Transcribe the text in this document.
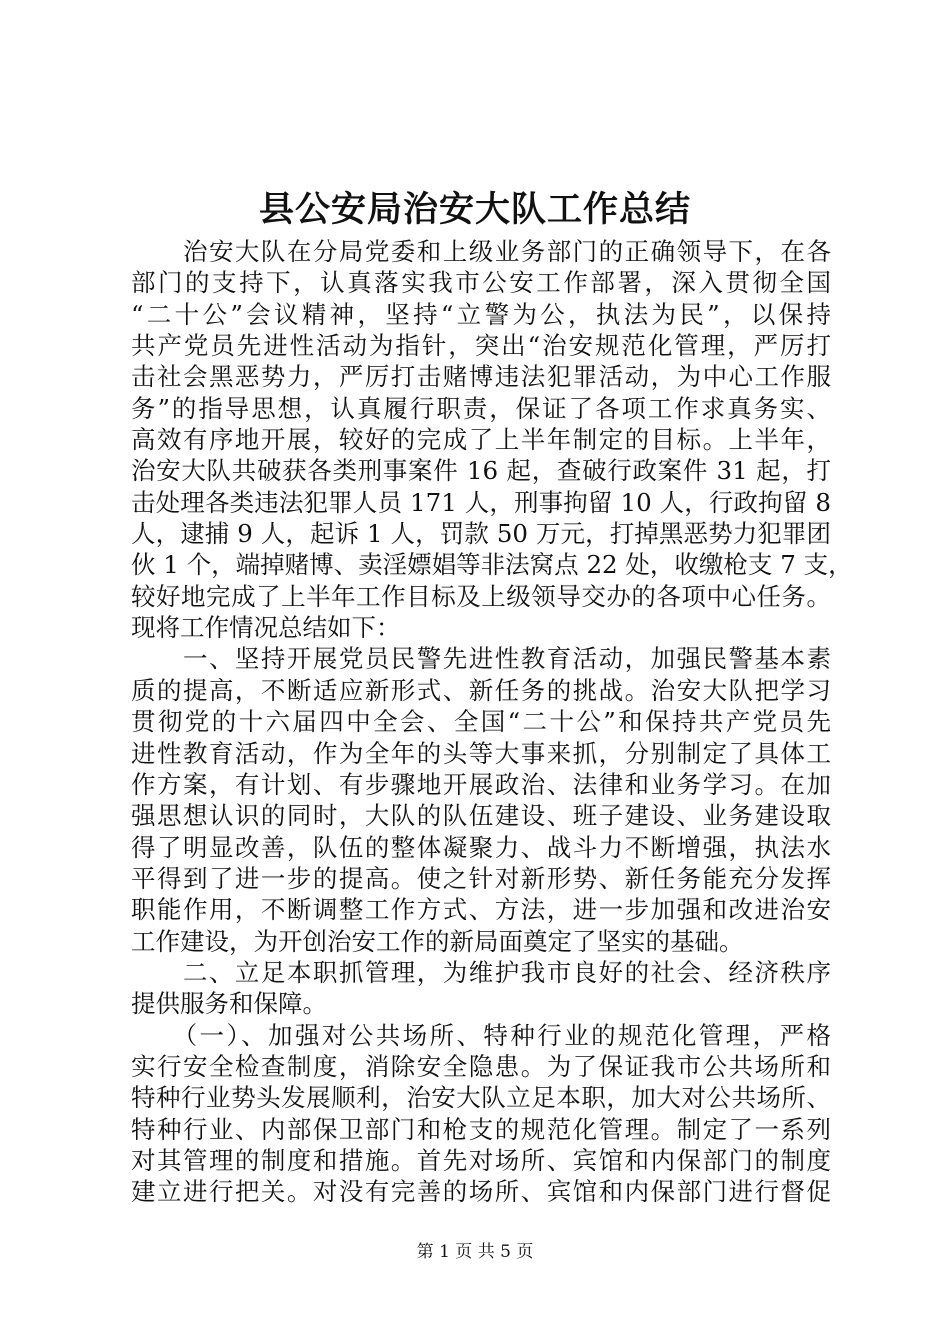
县公安局治安大队工作总结
　　治安大队在分局党委和上级业务部门的正确领导下，在各
部门的支持下，认真落实我市公安工作部署，深入贯彻全国
“二十公”会议精神，坚持“立警为公，执法为民”，以保持
共产党员先进性活动为指针，突出“治安规范化管理，严厉打
击社会黑恶势力，严厉打击赌博违法犯罪活动，为中心工作服
务”的指导思想，认真履行职责，保证了各项工作求真务实、
高效有序地开展，较好的完成了上半年制定的目标。上半年，
治安大队共破获各类刑事案件 16 起，查破行政案件 31 起，打
击处理各类违法犯罪人员 171 人，刑事拘留 10 人，行政拘留 8
人，逮捕 9 人，起诉 1 人，罚款 50 万元，打掉黑恶势力犯罪团
伙 1 个，端掉赌博、卖淫嫖娼等非法窝点 22 处，收缴枪支 7 支，
较好地完成了上半年工作目标及上级领导交办的各项中心任务。
现将工作情况总结如下：
　　一、坚持开展党员民警先进性教育活动，加强民警基本素
质的提高，不断适应新形式、新任务的挑战。治安大队把学习
贯彻党的十六届四中全会、全国“二十公”和保持共产党员先
进性教育活动，作为全年的头等大事来抓，分别制定了具体工
作方案，有计划、有步骤地开展政治、法律和业务学习。在加
强思想认识的同时，大队的队伍建设、班子建设、业务建设取
得了明显改善，队伍的整体凝聚力、战斗力不断增强，执法水
平得到了进一步的提高。使之针对新形势、新任务能充分发挥
职能作用，不断调整工作方式、方法，进一步加强和改进治安
工作建设，为开创治安工作的新局面奠定了坚实的基础。
　　二、立足本职抓管理，为维护我市良好的社会、经济秩序
提供服务和保障。
　　（一）、加强对公共场所、特种行业的规范化管理，严格
实行安全检查制度，消除安全隐患。为了保证我市公共场所和
特种行业势头发展顺利，治安大队立足本职，加大对公共场所、
特种行业、内部保卫部门和枪支的规范化管理。制定了一系列
对其管理的制度和措施。首先对场所、宾馆和内保部门的制度
建立进行把关。对没有完善的场所、宾馆和内保部门进行督促
第 1 页 共 5 页
